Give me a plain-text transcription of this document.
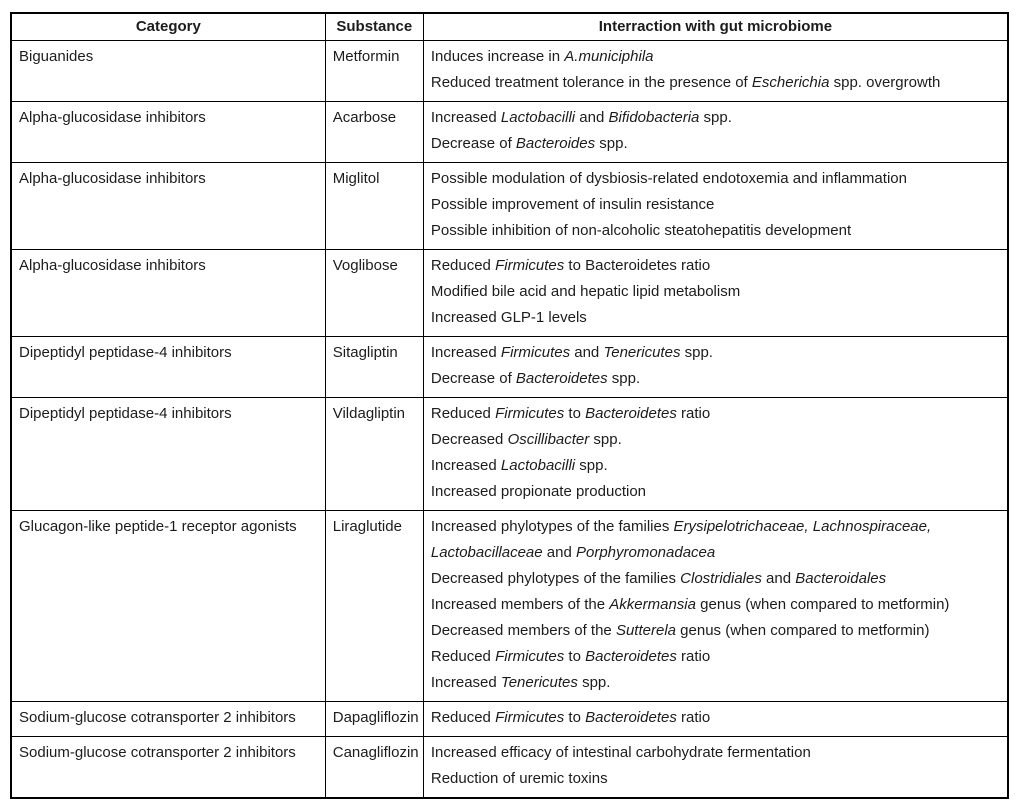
Category	Substance	Interraction with gut microbiome

Biguanides	Metformin	Induces increase in A.municiphila

Reduced treatment tolerance in the presence of Escherichia spp. overgrowth

Alpha-glucosidase inhibitors	Acarbose	Increased Lactobacilli and Bifidobacteria spp.

Decrease of Bacteroides spp.

Alpha-glucosidase inhibitors	Miglitol	Possible modulation of dysbiosis-related endotoxemia and inflammation

Possible improvement of insulin resistance

Possible inhibition of non-alcoholic steatohepatitis development

Alpha-glucosidase inhibitors	Voglibose	Reduced Firmicutes to Bacteroidetes ratio

Modified bile acid and hepatic lipid metabolism

Increased GLP-1 levels

Dipeptidyl peptidase-4 inhibitors	Sitagliptin	Increased Firmicutes and Tenericutes spp.

Decrease of Bacteroidetes spp.

Dipeptidyl peptidase-4 inhibitors	Vildagliptin	Reduced Firmicutes to Bacteroidetes ratio

Decreased Oscillibacter spp.

Increased Lactobacilli spp.

Increased propionate production

Glucagon-like peptide-1 receptor agonists	Liraglutide	Increased phylotypes of the families Erysipelotrichaceae, Lachnospiraceae, Lactobacillaceae and Porphyromonadacea

Decreased phylotypes of the families Clostridiales and Bacteroidales

Increased members of the Akkermansia genus (when compared to metformin)

Decreased members of the Sutterela genus (when compared to metformin)

Reduced Firmicutes to Bacteroidetes ratio

Increased Tenericutes spp.

Sodium-glucose cotransporter 2 inhibitors	Dapagliflozin	Reduced Firmicutes to Bacteroidetes ratio

Sodium-glucose cotransporter 2 inhibitors	Canagliflozin	Increased efficacy of intestinal carbohydrate fermentation

Reduction of uremic toxins
